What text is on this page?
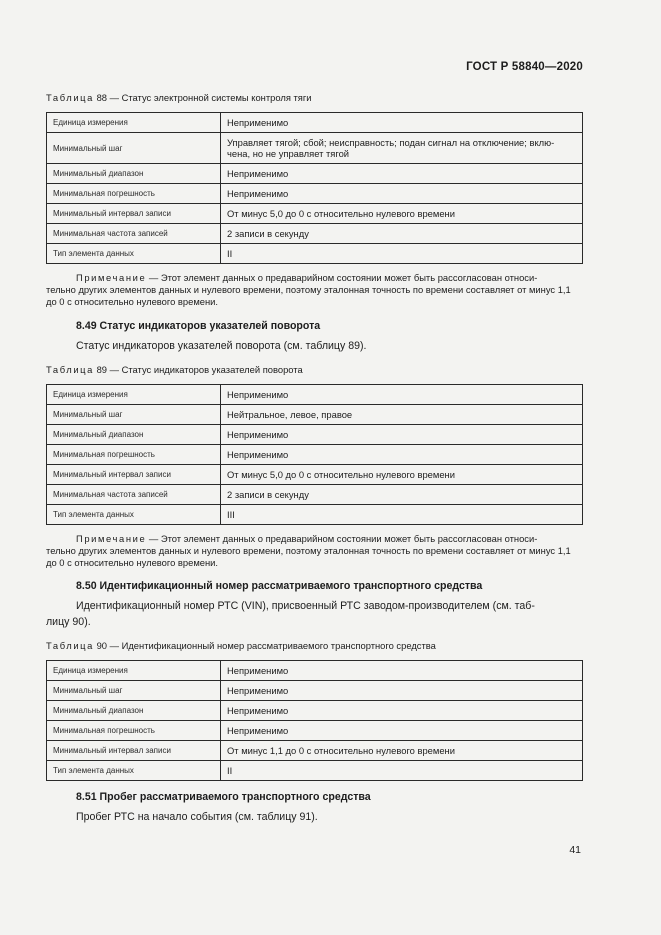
ГОСТ Р 58840—2020
Таблица 88 — Статус электронной системы контроля тяги
Единица измерения	Неприменимо
Минимальный шаг	Управляет тягой; сбой; неисправность; подан сигнал на отключение; вклю-
чена, но не управляет тягой

Минимальный диапазон	Неприменимо
Минимальная погрешность	Неприменимо
Минимальный интервал записи	От минус 5,0 до 0 с относительно нулевого времени
Минимальная частота записей	2 записи в секунду
Тип элемента данных	II
Примечание — Этот элемент данных о предаварийном состоянии может быть рассогласован относи-
тельно других элементов данных и нулевого времени, поэтому эталонная точность по времени составляет от минус 1,1
до 0 с относительно нулевого времени.
8.49 Статус индикаторов указателей поворота
Статус индикаторов указателей поворота (см. таблицу 89).
Таблица 89 — Статус индикаторов указателей поворота
Единица измерения	Неприменимо
Минимальный шаг	Нейтральное, левое, правое
Минимальный диапазон	Неприменимо
Минимальная погрешность	Неприменимо
Минимальный интервал записи	От минус 5,0 до 0 с относительно нулевого времени
Минимальная частота записей	2 записи в секунду
Тип элемента данных	III
Примечание — Этот элемент данных о предаварийном состоянии может быть рассогласован относи-
тельно других элементов данных и нулевого времени, поэтому эталонная точность по времени составляет от минус 1,1
до 0 с относительно нулевого времени.
8.50 Идентификационный номер рассматриваемого транспортного средства
Идентификационный номер РТС (VIN), присвоенный РТС заводом-производителем (см. таб-
лицу 90).
Таблица 90 — Идентификационный номер рассматриваемого транспортного средства
Единица измерения	Неприменимо
Минимальный шаг	Неприменимо
Минимальный диапазон	Неприменимо
Минимальная погрешность	Неприменимо
Минимальный интервал записи	От минус 1,1 до 0 с относительно нулевого времени
Тип элемента данных	II
8.51 Пробег рассматриваемого транспортного средства
Пробег РТС на начало события (см. таблицу 91).
41
